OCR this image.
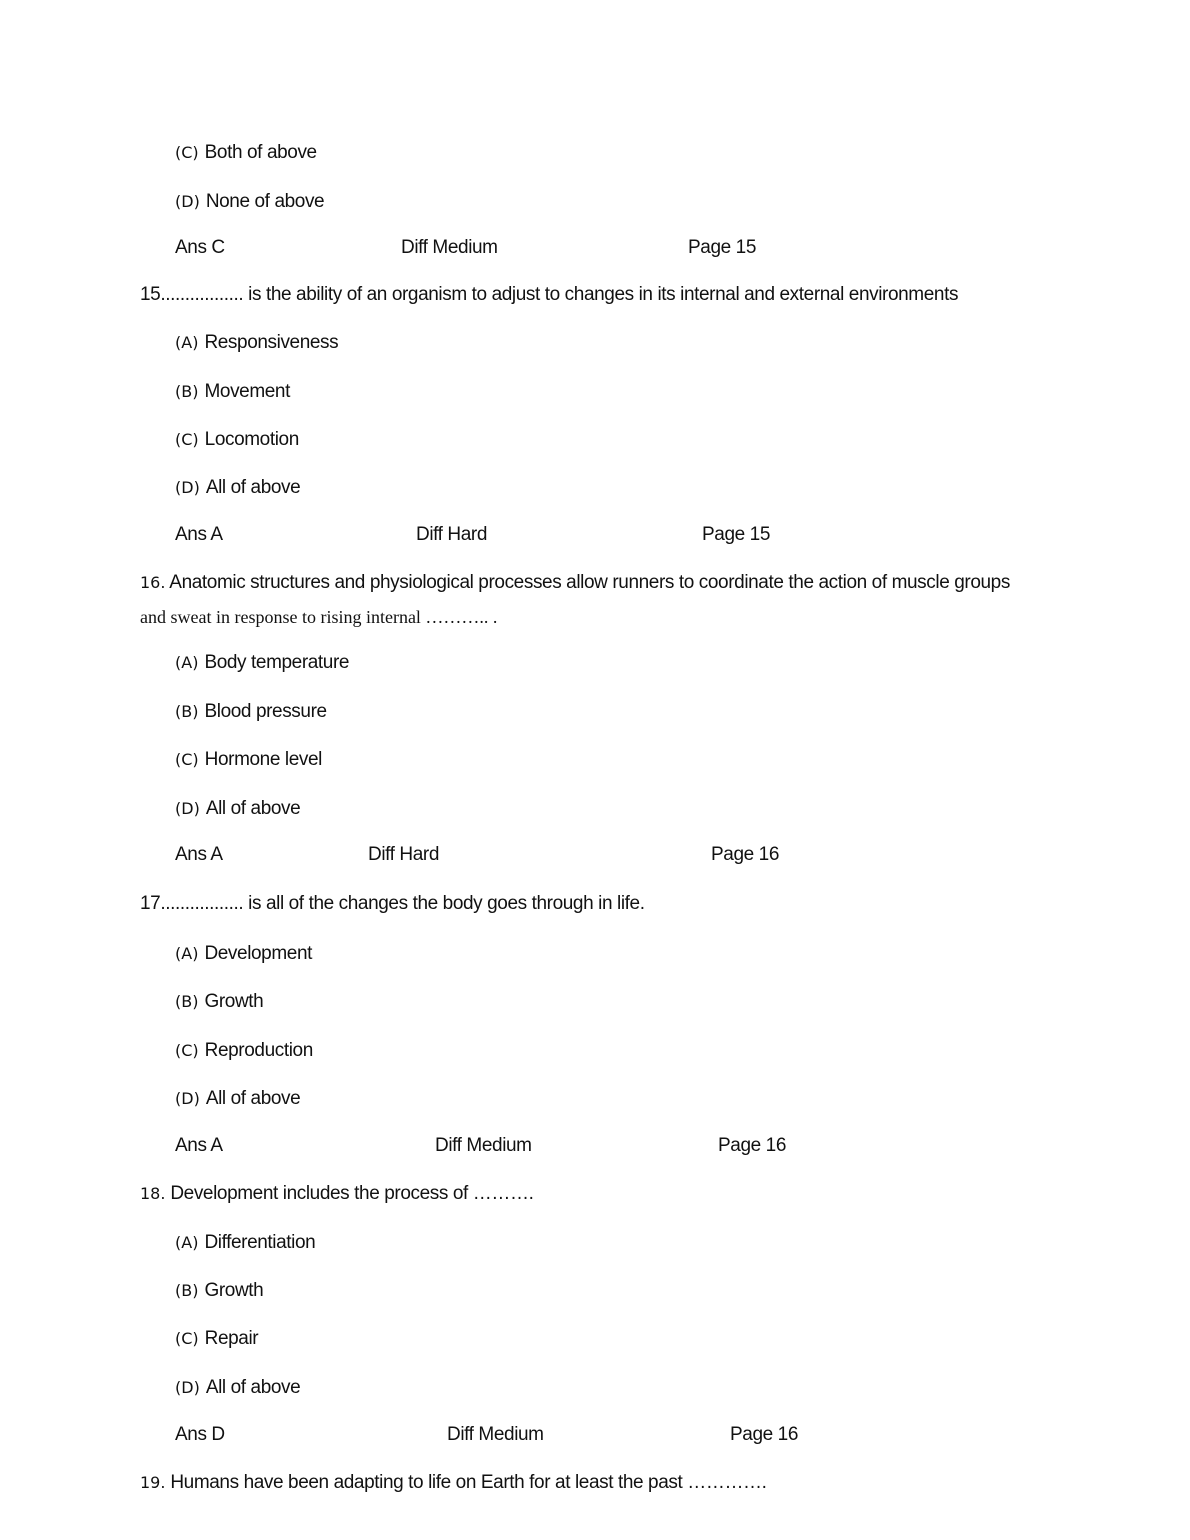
(C) Both of above
(D) None of above
Ans C	Diff Medium	Page 15
15................. is the ability of an organism to adjust to changes in its internal and external environments
(A) Responsiveness
(B) Movement
(C) Locomotion
(D) All of above
Ans A	Diff Hard	Page 15
16. Anatomic structures and physiological processes allow runners to coordinate the action of muscle groups
and sweat in response to rising internal ……….. .
(A) Body temperature
(B) Blood pressure
(C) Hormone level
(D) All of above
Ans A	Diff Hard	Page 16
17................. is all of the changes the body goes through in life.
(A) Development
(B) Growth
(C) Reproduction
(D) All of above
Ans A	Diff Medium	Page 16
18. Development includes the process of ……….
(A) Differentiation
(B) Growth
(C) Repair
(D) All of above
Ans D	Diff Medium	Page 16
19. Humans have been adapting to life on Earth for at least the past ………….
